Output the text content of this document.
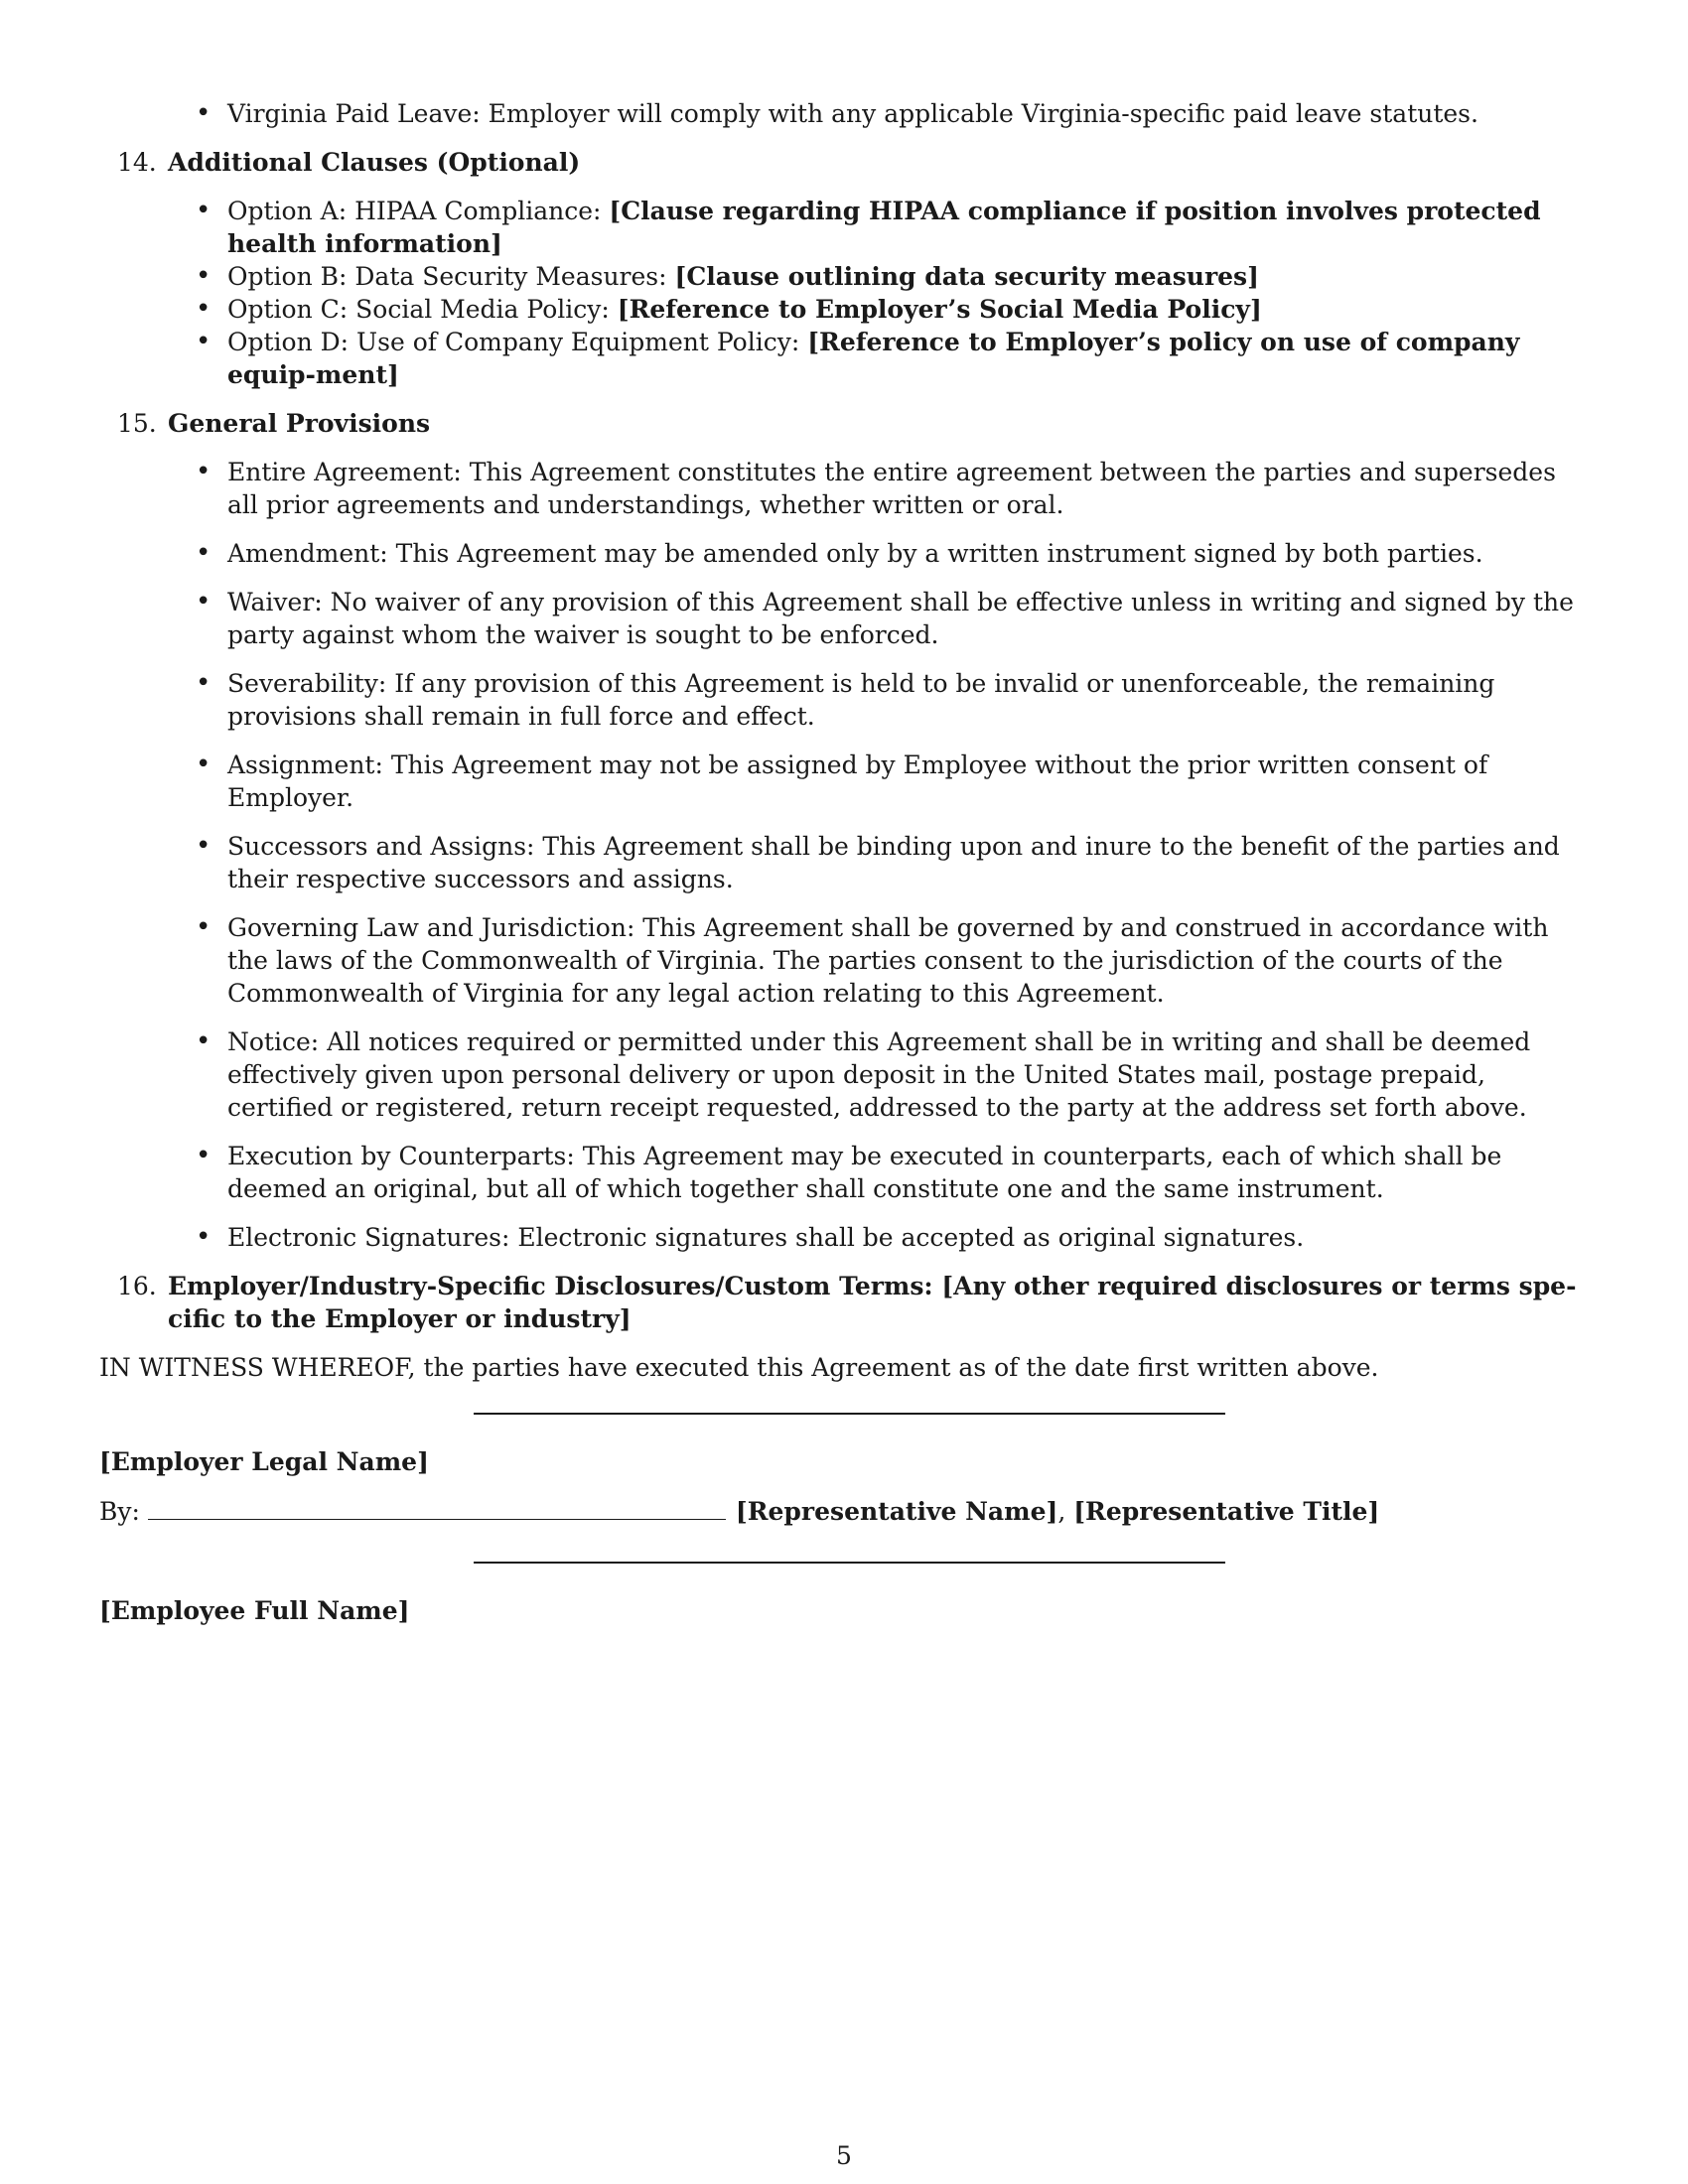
• Virginia Paid Leave: Employer will comply with any applicable Virginia-specific paid leave statutes.
14. Additional Clauses (Optional)
• Option A: HIPAA Compliance: [Clause regarding HIPAA compliance if position involves protected health information]
• Option B: Data Security Measures: [Clause outlining data security measures]
• Option C: Social Media Policy: [Reference to Employer’s Social Media Policy]
• Option D: Use of Company Equipment Policy: [Reference to Employer’s policy on use of company equip-ment]
15. General Provisions
• Entire Agreement: This Agreement constitutes the entire agreement between the parties and supersedes all prior agreements and understandings, whether written or oral.
• Amendment: This Agreement may be amended only by a written instrument signed by both parties.
• Waiver: No waiver of any provision of this Agreement shall be effective unless in writing and signed by the party against whom the waiver is sought to be enforced.
• Severability: If any provision of this Agreement is held to be invalid or unenforceable, the remaining provisions shall remain in full force and effect.
• Assignment: This Agreement may not be assigned by Employee without the prior written consent of Employer.
• Successors and Assigns: This Agreement shall be binding upon and inure to the benefit of the parties and their respective successors and assigns.
• Governing Law and Jurisdiction: This Agreement shall be governed by and construed in accordance with the laws of the Commonwealth of Virginia. The parties consent to the jurisdiction of the courts of the Commonwealth of Virginia for any legal action relating to this Agreement.
• Notice: All notices required or permitted under this Agreement shall be in writing and shall be deemed effectively given upon personal delivery or upon deposit in the United States mail, postage prepaid, certified or registered, return receipt requested, addressed to the party at the address set forth above.
• Execution by Counterparts: This Agreement may be executed in counterparts, each of which shall be deemed an original, but all of which together shall constitute one and the same instrument.
• Electronic Signatures: Electronic signatures shall be accepted as original signatures.
16. Employer/Industry-Specific Disclosures/Custom Terms: [Any other required disclosures or terms spe-cific to the Employer or industry]
IN WITNESS WHEREOF, the parties have executed this Agreement as of the date first written above.
[Employer Legal Name]
By:	[Representative Name], [Representative Title]
[Employee Full Name]
5
